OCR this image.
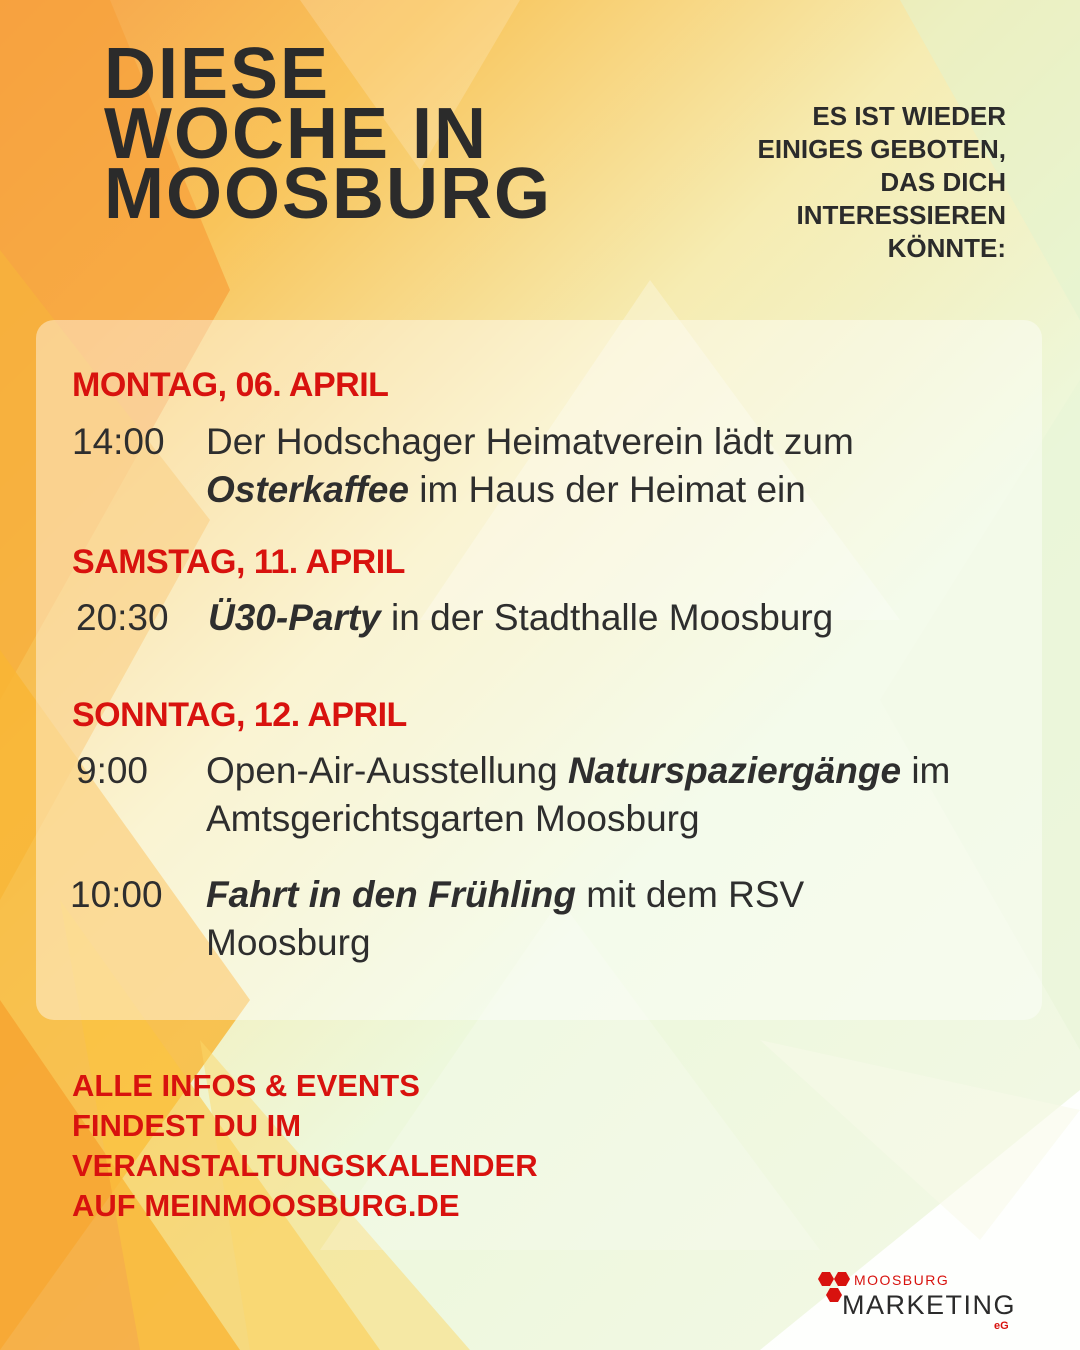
DIESE
WOCHE IN
MOOSBURG
ES IST WIEDER
EINIGES GEBOTEN,
DAS DICH
INTERESSIEREN
KÖNNTE:
MONTAG, 06. APRIL
14:00 Der Hodschager Heimatverein lädt zum Osterkaffee im Haus der Heimat ein
SAMSTAG, 11. APRIL
20:30 Ü30-Party in der Stadthalle Moosburg
SONNTAG, 12. APRIL
9:00 Open-Air-Ausstellung Naturspaziergänge im Amtsgerichtsgarten Moosburg
10:00 Fahrt in den Frühling mit dem RSV Moosburg
ALLE INFOS & EVENTS
FINDEST DU IM
VERANSTALTUNGSKALENDER
AUF MEINMOOSBURG.DE
MOOSBURG
MARKETING
eG
